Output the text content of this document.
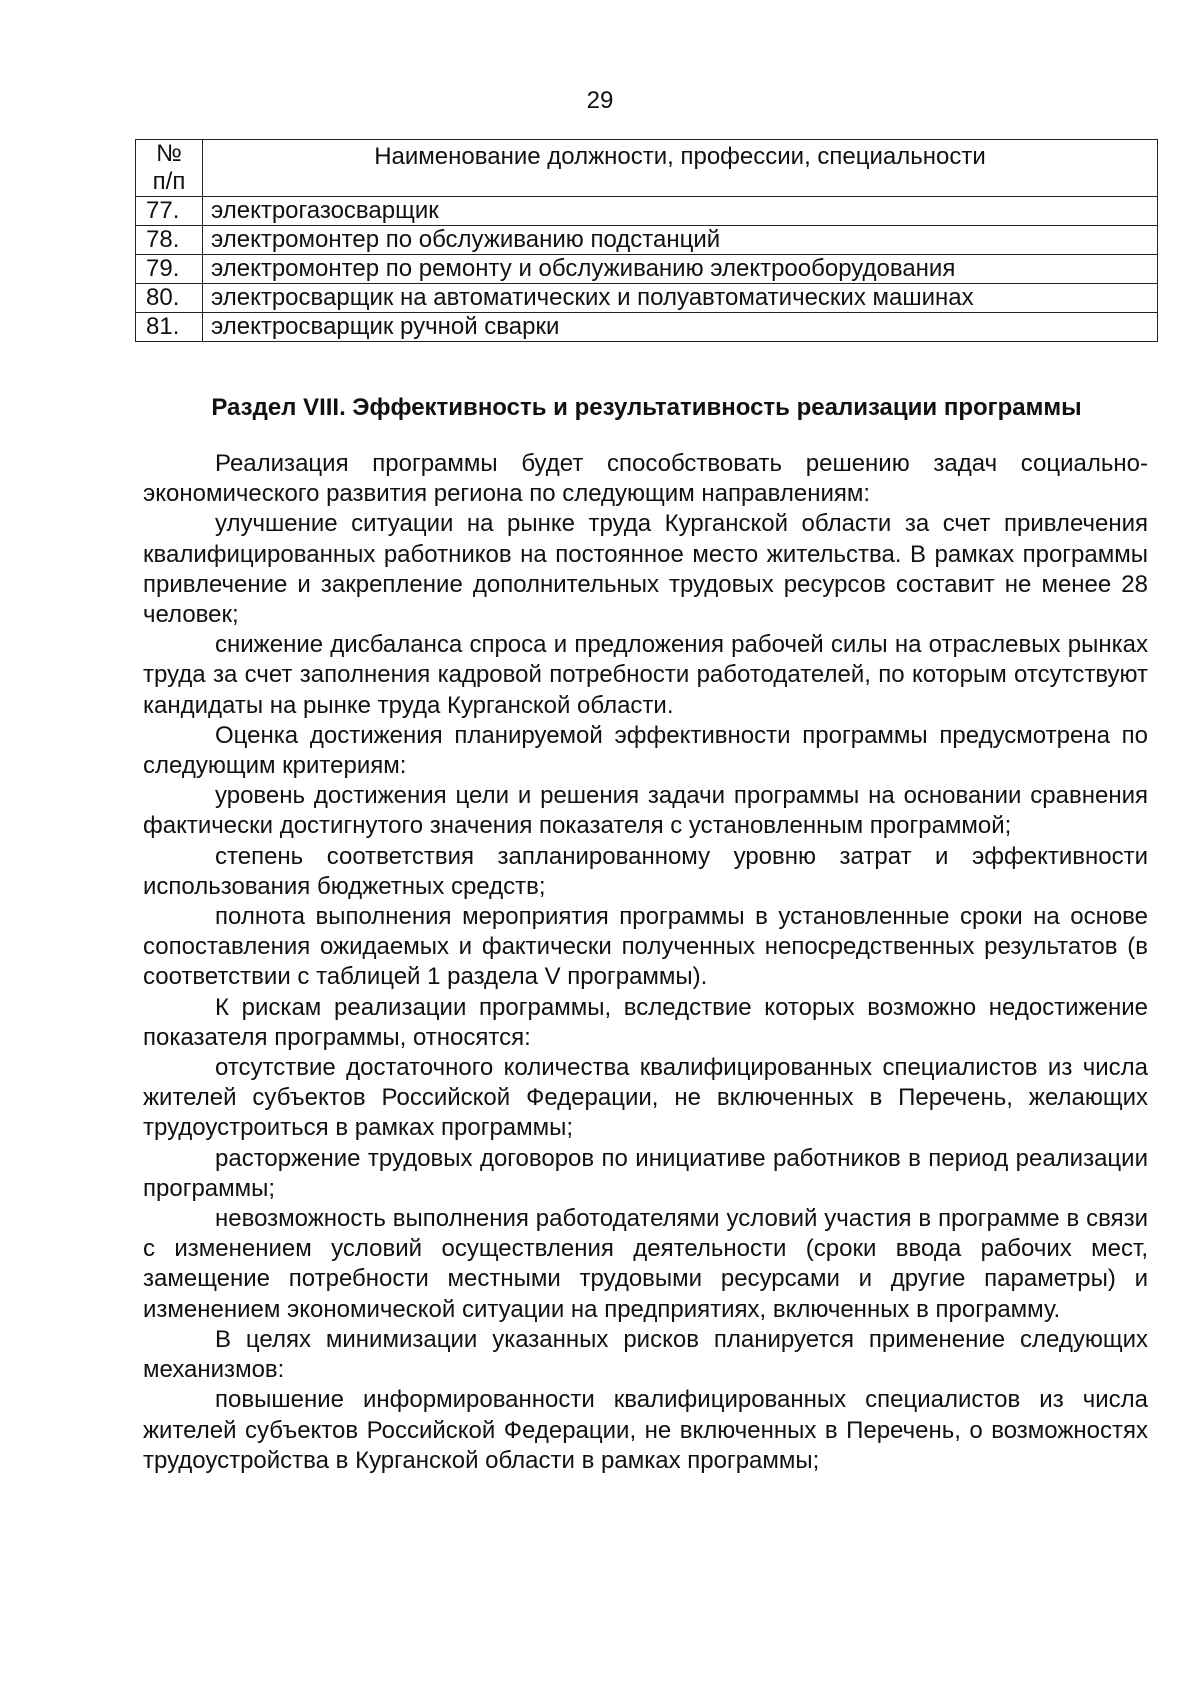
29
№ п/п	Наименование должности, профессии, специальности
77.	электрогазосварщик
78.	электромонтер по обслуживанию подстанций
79.	электромонтер по ремонту и обслуживанию электрооборудования
80.	электросварщик на автоматических и полуавтоматических машинах
81.	электросварщик ручной сварки
Раздел VIII. Эффективность и результативность реализации программы

Реализация программы будет способствовать решению задач социально-экономического развития региона по следующим направлениям:

улучшение ситуации на рынке труда Курганской области за счет привлечения квалифицированных работников на постоянное место жительства. В рамках программы привлечение и закрепление дополнительных трудовых ресурсов составит не менее 28 человек;

снижение дисбаланса спроса и предложения рабочей силы на отраслевых рынках труда за счет заполнения кадровой потребности работодателей, по которым отсутствуют кандидаты на рынке труда Курганской области.

Оценка достижения планируемой эффективности программы предусмотрена по следующим критериям:

уровень достижения цели и решения задачи программы на основании сравнения фактически достигнутого значения показателя с установленным программой;

степень соответствия запланированному уровню затрат и эффективности использования бюджетных средств;

полнота выполнения мероприятия программы в установленные сроки на основе сопоставления ожидаемых и фактически полученных непосредственных результатов (в соответствии с таблицей 1 раздела V программы).

К рискам реализации программы, вследствие которых возможно недостижение показателя программы, относятся:

отсутствие достаточного количества квалифицированных специалистов из числа жителей субъектов Российской Федерации, не включенных в Перечень, желающих трудоустроиться в рамках программы;

расторжение трудовых договоров по инициативе работников в период реализации программы;

невозможность выполнения работодателями условий участия в программе в связи с изменением условий осуществления деятельности (сроки ввода рабочих мест, замещение потребности местными трудовыми ресурсами и другие параметры) и изменением экономической ситуации на предприятиях, включенных в программу.

В целях минимизации указанных рисков планируется применение следующих механизмов:

повышение информированности квалифицированных специалистов из числа жителей субъектов Российской Федерации, не включенных в Перечень, о возможностях трудоустройства в Курганской области в рамках программы;
